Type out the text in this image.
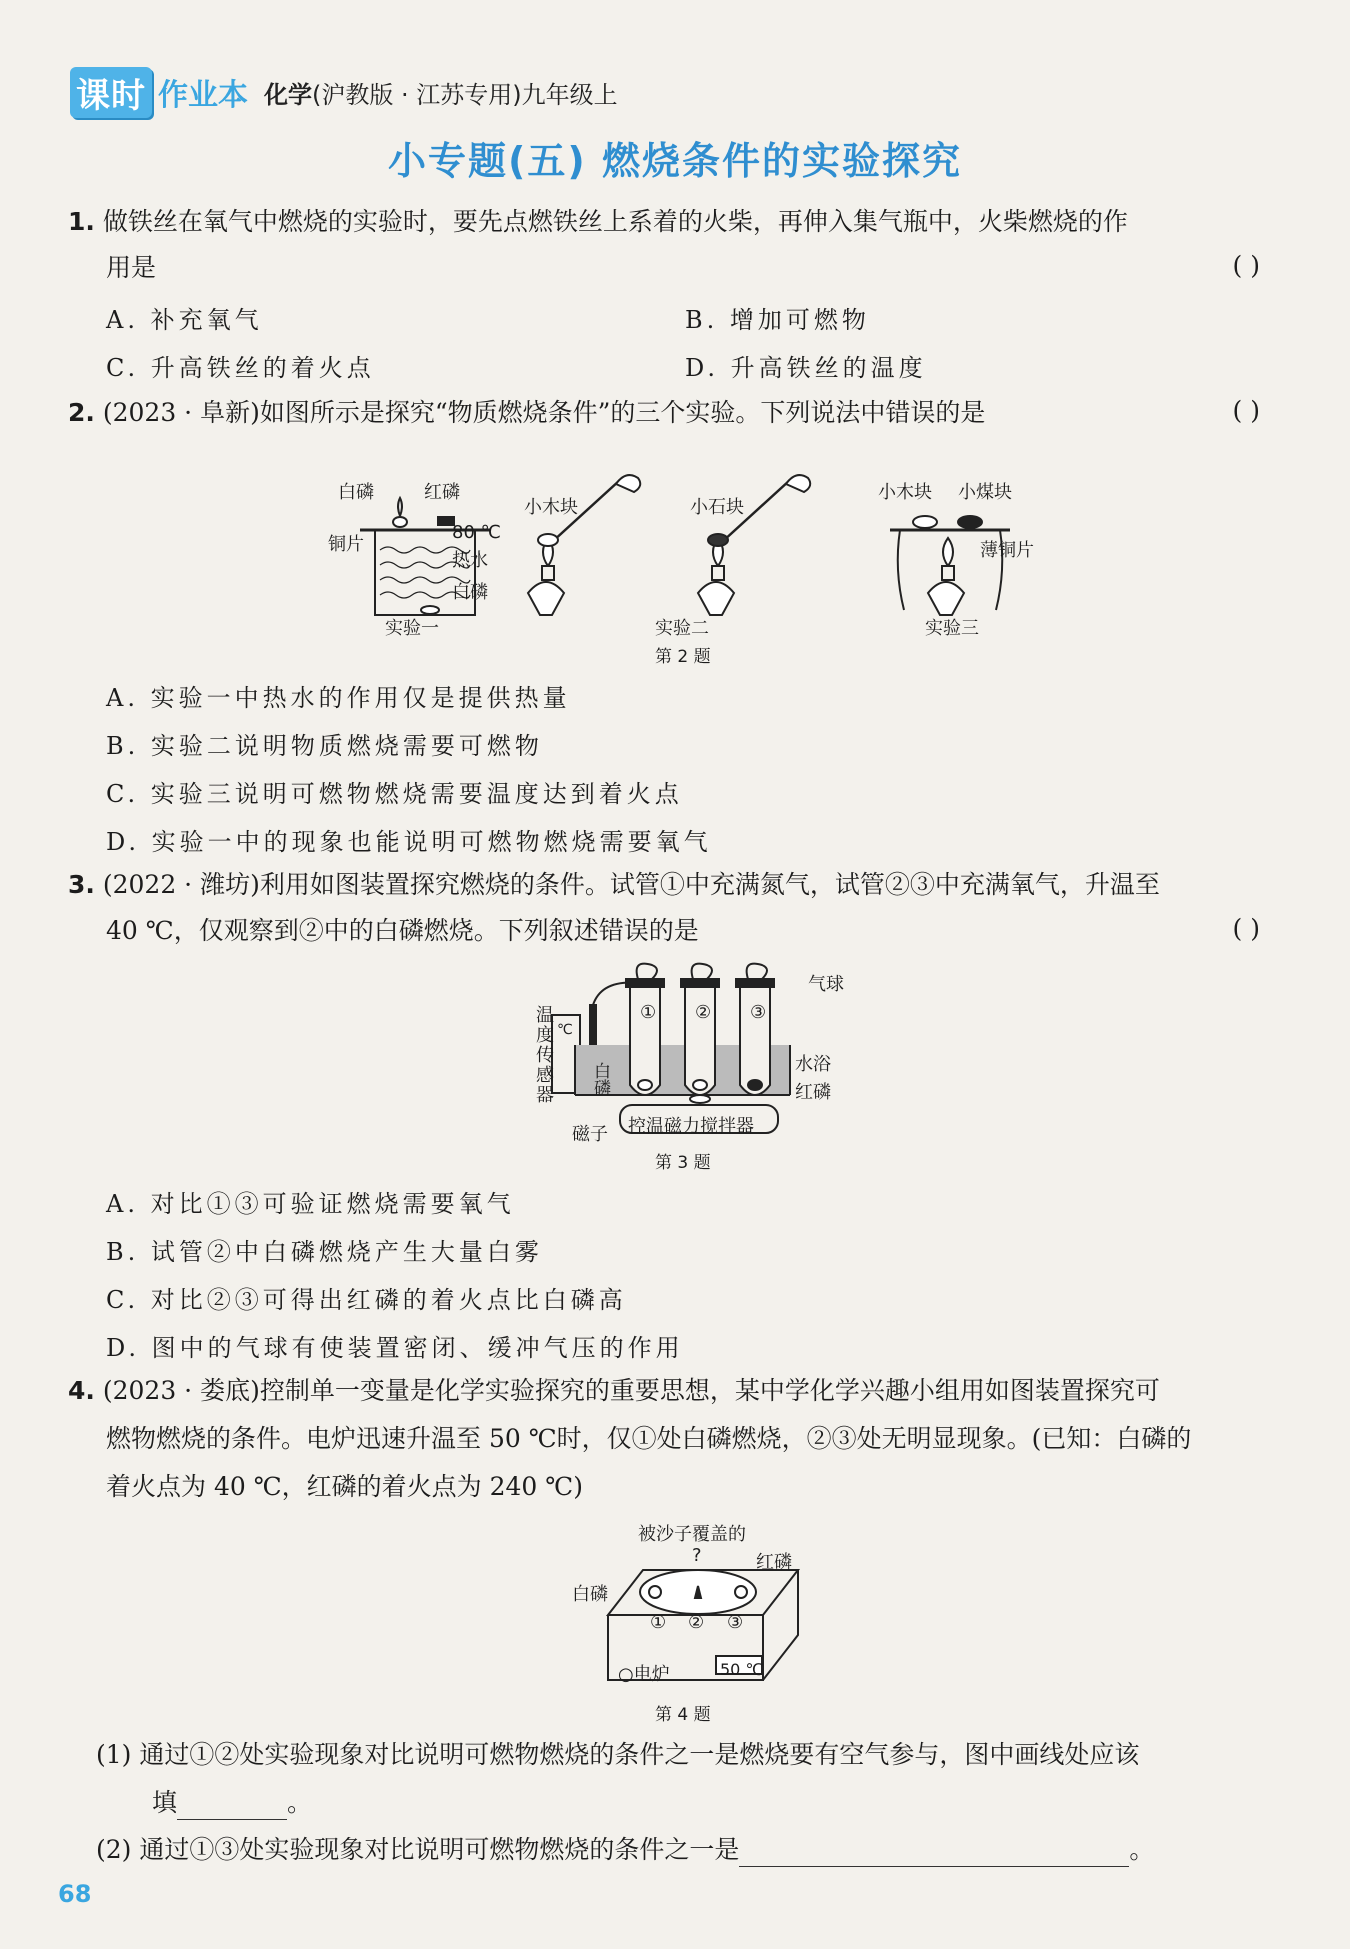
课时 作业本 化学(沪教版 · 江苏专用)九年级上
小专题(五) 燃烧条件的实验探究
1. 做铁丝在氧气中燃烧的实验时，要先点燃铁丝上系着的火柴，再伸入集气瓶中，火柴燃烧的作
用是	( )
A. 补充氧气	B. 增加可燃物
C. 升高铁丝的着火点	D. 升高铁丝的温度
2. (2023 · 阜新)如图所示是探究“物质燃烧条件”的三个实验。下列说法中错误的是	( )
白磷	红磷
铜片
80 ℃
热水
白磷
小木块	小石块
小木块 小煤块
薄铜片
实验一	实验二	实验三
第 2 题
A. 实验一中热水的作用仅是提供热量
B. 实验二说明物质燃烧需要可燃物
C. 实验三说明可燃物燃烧需要温度达到着火点
D. 实验一中的现象也能说明可燃物燃烧需要氧气
3. (2022 · 潍坊)利用如图装置探究燃烧的条件。试管①中充满氮气，试管②③中充满氧气，升温至
40 ℃，仅观察到②中的白磷燃烧。下列叙述错误的是	( )
气球
温度传感器 ℃
白磷
① ② ③
水浴
红磷
磁子 控温磁力搅拌器
第 3 题
A. 对比①③可验证燃烧需要氧气
B. 试管②中白磷燃烧产生大量白雾
C. 对比②③可得出红磷的着火点比白磷高
D. 图中的气球有使装置密闭、缓冲气压的作用
4. (2023 · 娄底)控制单一变量是化学实验探究的重要思想，某中学化学兴趣小组用如图装置探究可
燃物燃烧的条件。电炉迅速升温至 50 ℃时，仅①处白磷燃烧，②③处无明显现象。(已知：白磷的
着火点为 40 ℃，红磷的着火点为 240 ℃)
被沙子覆盖的
?	红磷
白磷
① ② ③
○电炉	50 ℃
第 4 题
(1) 通过①②处实验现象对比说明可燃物燃烧的条件之一是燃烧要有空气参与，图中画线处应该
填	。
(2) 通过①③处实验现象对比说明可燃物燃烧的条件之一是	。
68
